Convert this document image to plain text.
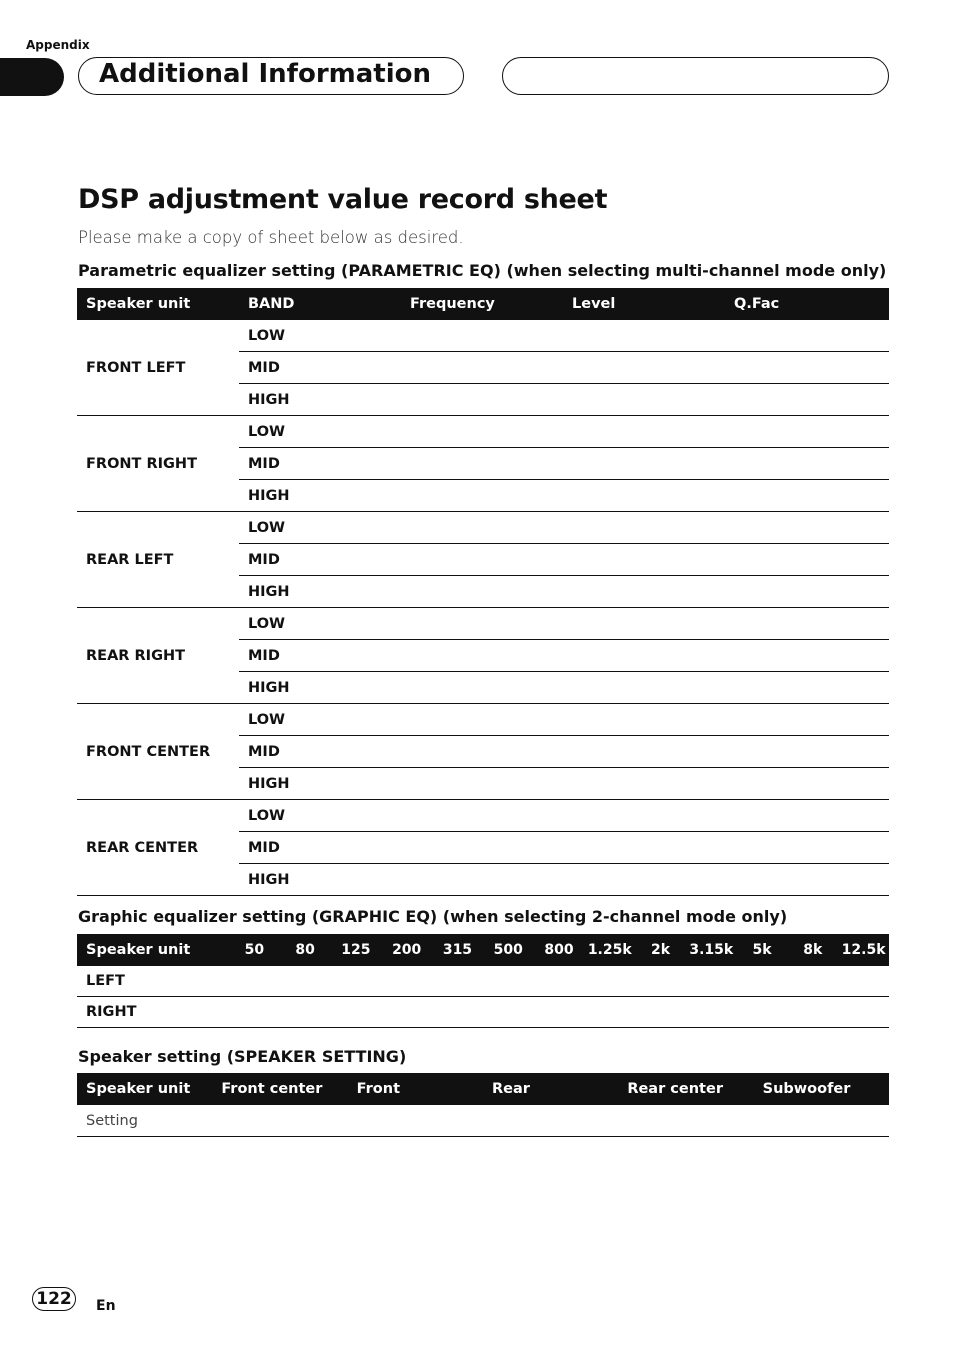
Appendix
Additional Information
DSP adjustment value record sheet
Please make a copy of sheet below as desired.
Parametric equalizer setting (PARAMETRIC EQ) (when selecting multi-channel mode only)
Speaker unit	BAND	Frequency	Level	Q.Fac
FRONT LEFT	LOW			
	MID			
	HIGH			
FRONT RIGHT	LOW			
	MID			
	HIGH			
REAR LEFT	LOW			
	MID			
	HIGH			
REAR RIGHT	LOW			
	MID			
	HIGH			
FRONT CENTER	LOW			
	MID			
	HIGH			
REAR CENTER	LOW			
	MID			
	HIGH			
Graphic equalizer setting (GRAPHIC EQ) (when selecting 2-channel mode only)
Speaker unit	50	80	125	200	315	500	800	1.25k	2k	3.15k	5k	8k	12.5k
LEFT													
RIGHT													
Speaker setting (SPEAKER SETTING)
Speaker unit	Front center	Front	Rear	Rear center	Subwoofer
Setting					
122	En
